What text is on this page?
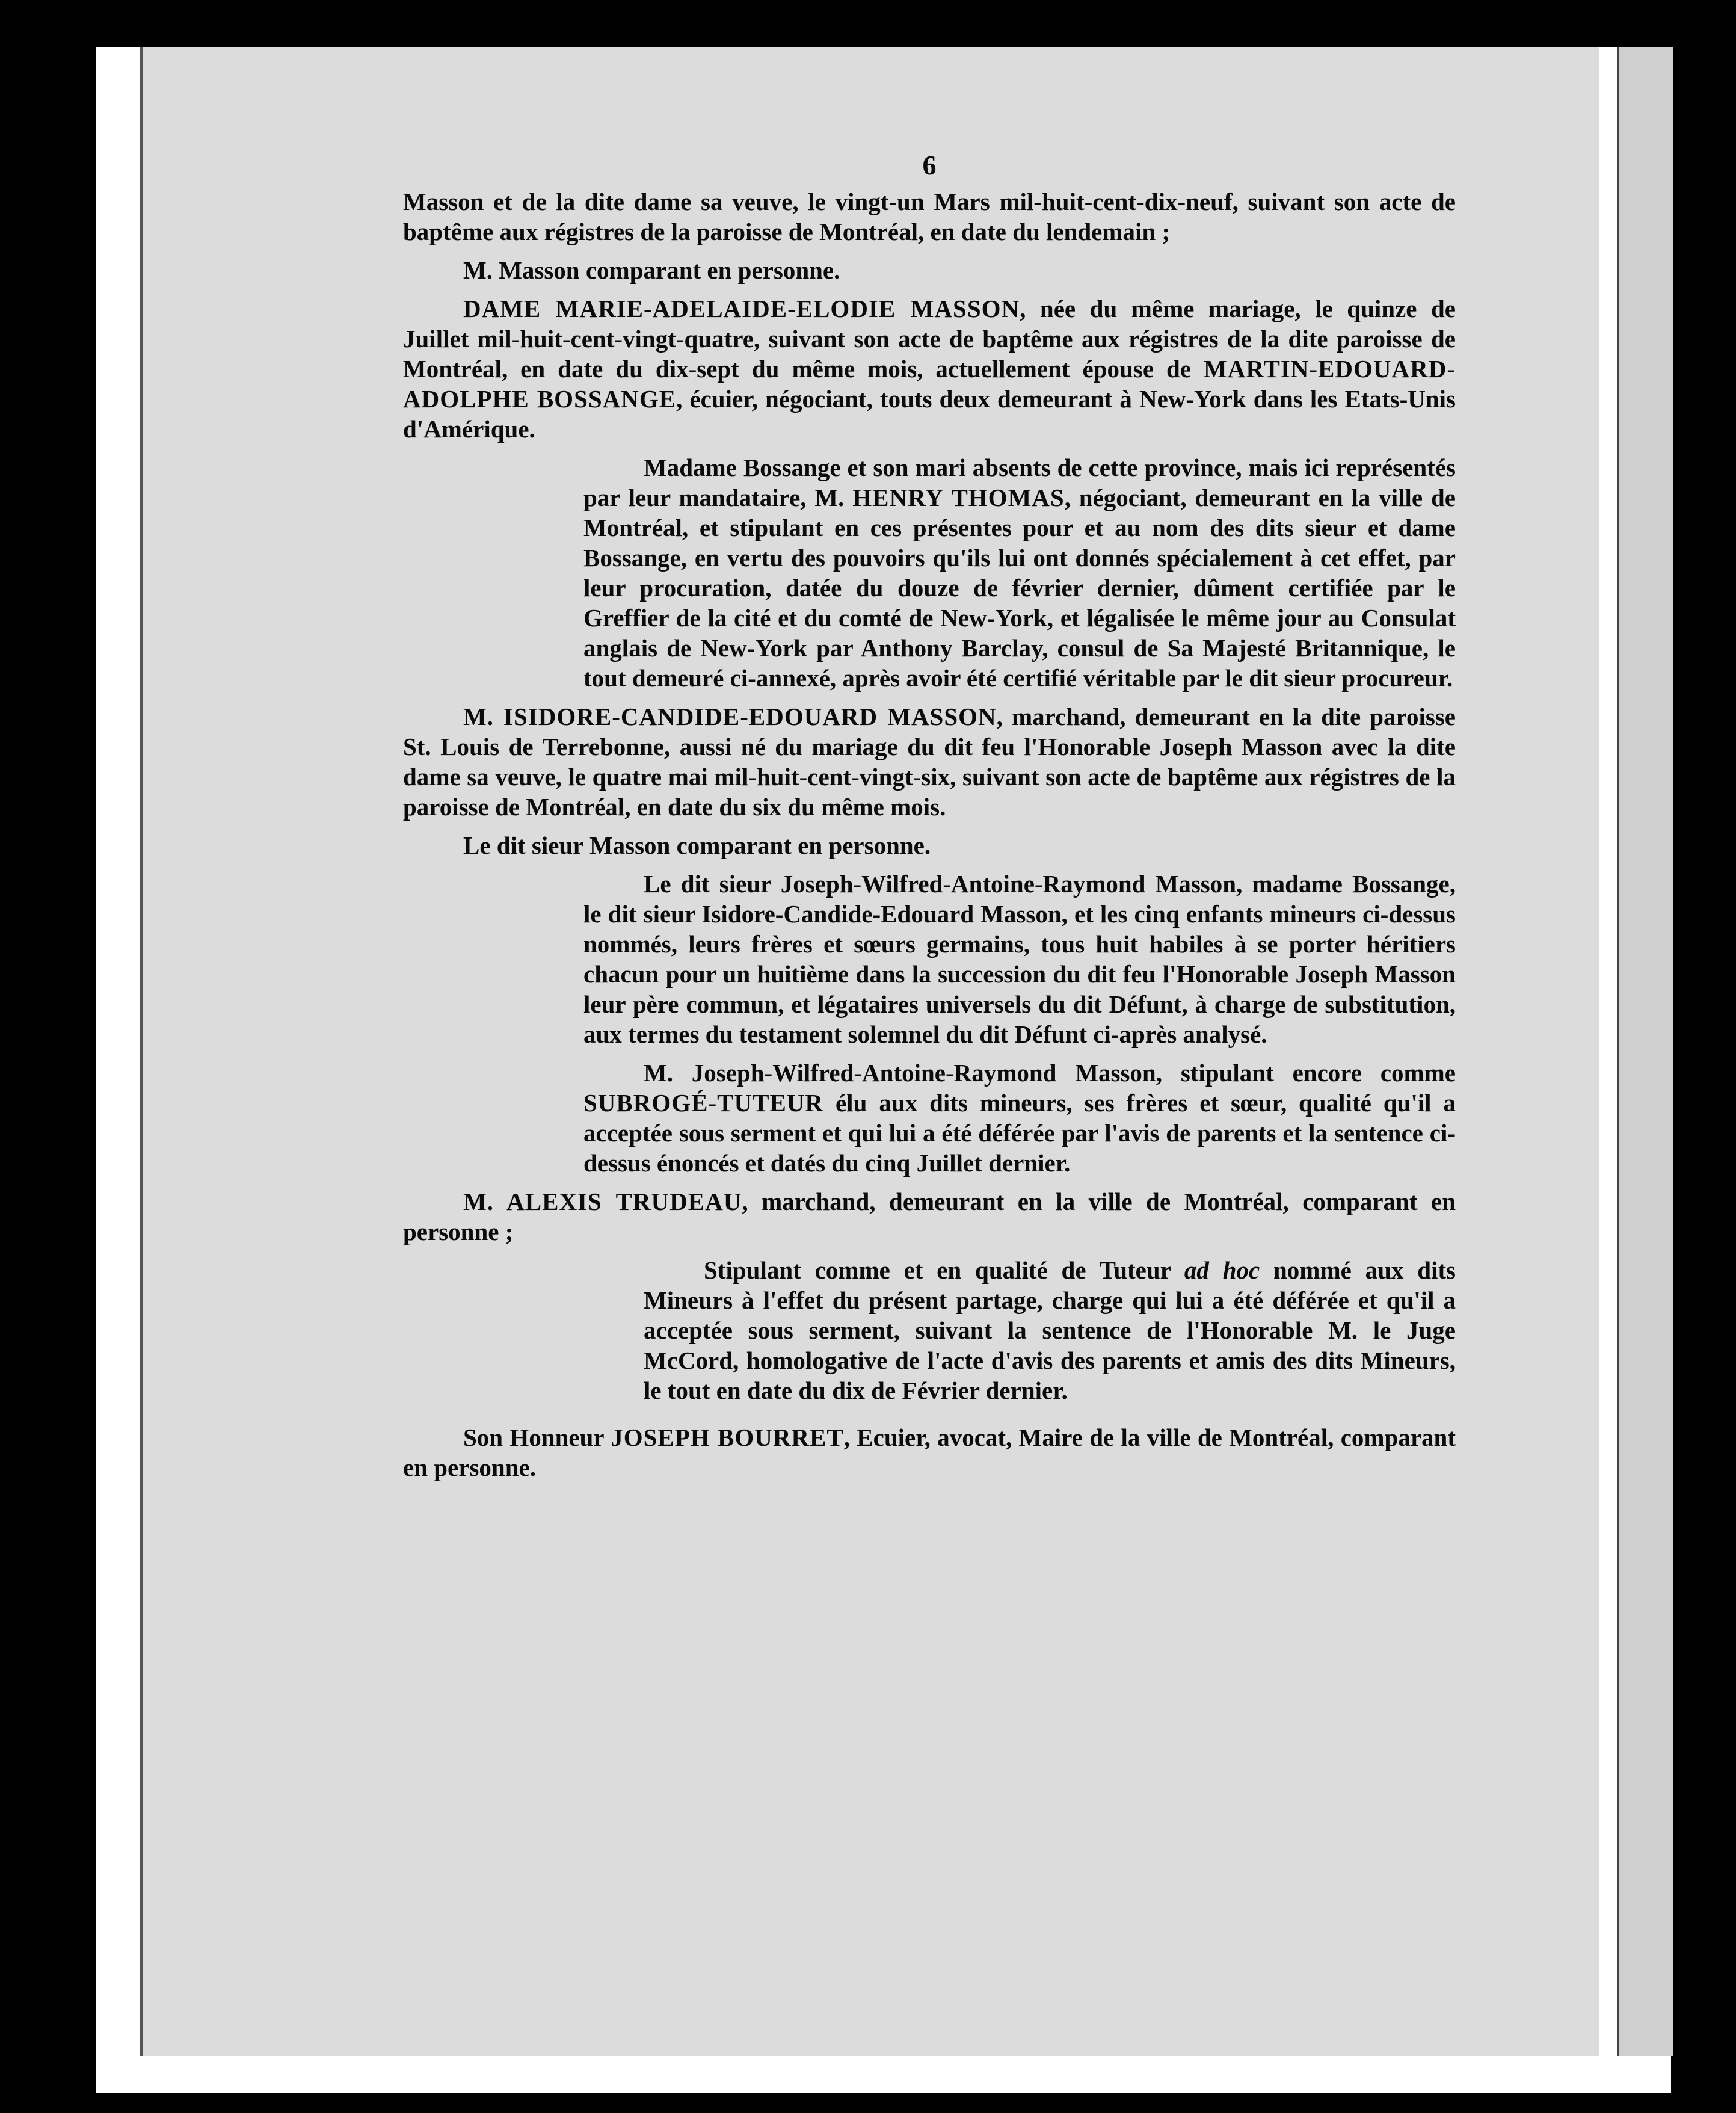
6

Masson et de la dite dame sa veuve, le vingt-un Mars mil-huit-cent-dix-neuf, suivant son acte de baptême aux régistres de la paroisse de Montréal, en date du lendemain ;

M. Masson comparant en personne.

DAME MARIE-ADELAIDE-ELODIE MASSON, née du même mariage, le quinze de Juillet mil-huit-cent-vingt-quatre, suivant son acte de baptême aux régistres de la dite paroisse de Montréal, en date du dix-sept du même mois, actuellement épouse de MARTIN-EDOUARD-ADOLPHE BOSSANGE, écuier, négociant, touts deux demeurant à New-York dans les Etats-Unis d'Amérique.

Madame Bossange et son mari absents de cette province, mais ici représentés par leur mandataire, M. HENRY THOMAS, négociant, demeurant en la ville de Montréal, et stipulant en ces présentes pour et au nom des dits sieur et dame Bossange, en vertu des pouvoirs qu'ils lui ont donnés spécialement à cet effet, par leur procuration, datée du douze de février dernier, dûment certifiée par le Greffier de la cité et du comté de New-York, et légalisée le même jour au Consulat anglais de New-York par Anthony Barclay, consul de Sa Majesté Britannique, le tout demeuré ci-annexé, après avoir été certifié véritable par le dit sieur procureur.

M. ISIDORE-CANDIDE-EDOUARD MASSON, marchand, demeurant en la dite paroisse St. Louis de Terrebonne, aussi né du mariage du dit feu l'Honorable Joseph Masson avec la dite dame sa veuve, le quatre mai mil-huit-cent-vingt-six, suivant son acte de baptême aux régistres de la paroisse de Montréal, en date du six du même mois.

Le dit sieur Masson comparant en personne.

Le dit sieur Joseph-Wilfred-Antoine-Raymond Masson, madame Bossange, le dit sieur Isidore-Candide-Edouard Masson, et les cinq enfants mineurs ci-dessus nommés, leurs frères et sœurs germains, tous huit habiles à se porter héritiers chacun pour un huitième dans la succession du dit feu l'Honorable Joseph Masson leur père commun, et légataires universels du dit Défunt, à charge de substitution, aux termes du testament solemnel du dit Défunt ci-après analysé.

M. Joseph-Wilfred-Antoine-Raymond Masson, stipulant encore comme SUBROGÉ-TUTEUR élu aux dits mineurs, ses frères et sœur, qualité qu'il a acceptée sous serment et qui lui a été déférée par l'avis de parents et la sentence ci-dessus énoncés et datés du cinq Juillet dernier.

M. ALEXIS TRUDEAU, marchand, demeurant en la ville de Montréal, comparant en personne ;

Stipulant comme et en qualité de Tuteur ad hoc nommé aux dits Mineurs à l'effet du présent partage, charge qui lui a été déférée et qu'il a acceptée sous serment, suivant la sentence de l'Honorable M. le Juge McCord, homologative de l'acte d'avis des parents et amis des dits Mineurs, le tout en date du dix de Février dernier.

Son Honneur JOSEPH BOURRET, Ecuier, avocat, Maire de la ville de Montréal, comparant en personne.
